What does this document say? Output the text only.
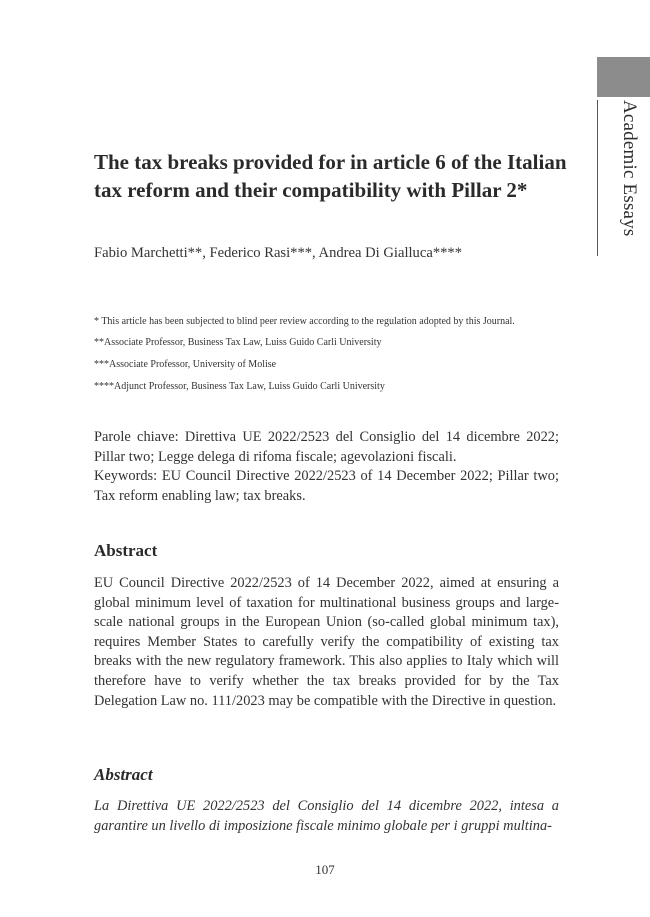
Academic Essays
The tax breaks provided for in article 6 of the Italian tax reform and their compatibility with Pillar 2*
Fabio Marchetti**, Federico Rasi***, Andrea Di Gialluca****

* This article has been subjected to blind peer review according to the regulation adopted by this Journal.

**Associate Professor, Business Tax Law, Luiss Guido Carli University

***Associate Professor, University of Molise

****Adjunct Professor, Business Tax Law, Luiss Guido Carli University

Parole chiave: Direttiva UE 2022/2523 del Consiglio del 14 dicembre 2022; Pillar two; Legge delega di rifoma fiscale; agevolazioni fiscali.

Keywords: EU Council Directive 2022/2523 of 14 December 2022; Pillar two; Tax reform enabling law; tax breaks.

Abstract

EU Council Directive 2022/2523 of 14 December 2022, aimed at ensuring a global minimum level of taxation for multinational business groups and large-scale national groups in the European Union (so-called global minimum tax), requires Member States to carefully verify the compatibility of existing tax breaks with the new regulatory framework. This also applies to Italy which will therefore have to verify whether the tax breaks provided for by the Tax Delegation Law no. 111/2023 may be compatible with the Directive in question.

Abstract

La Direttiva UE 2022/2523 del Consiglio del 14 dicembre 2022, intesa a garantire un livello di imposizione fiscale minimo globale per i gruppi multina-

107
